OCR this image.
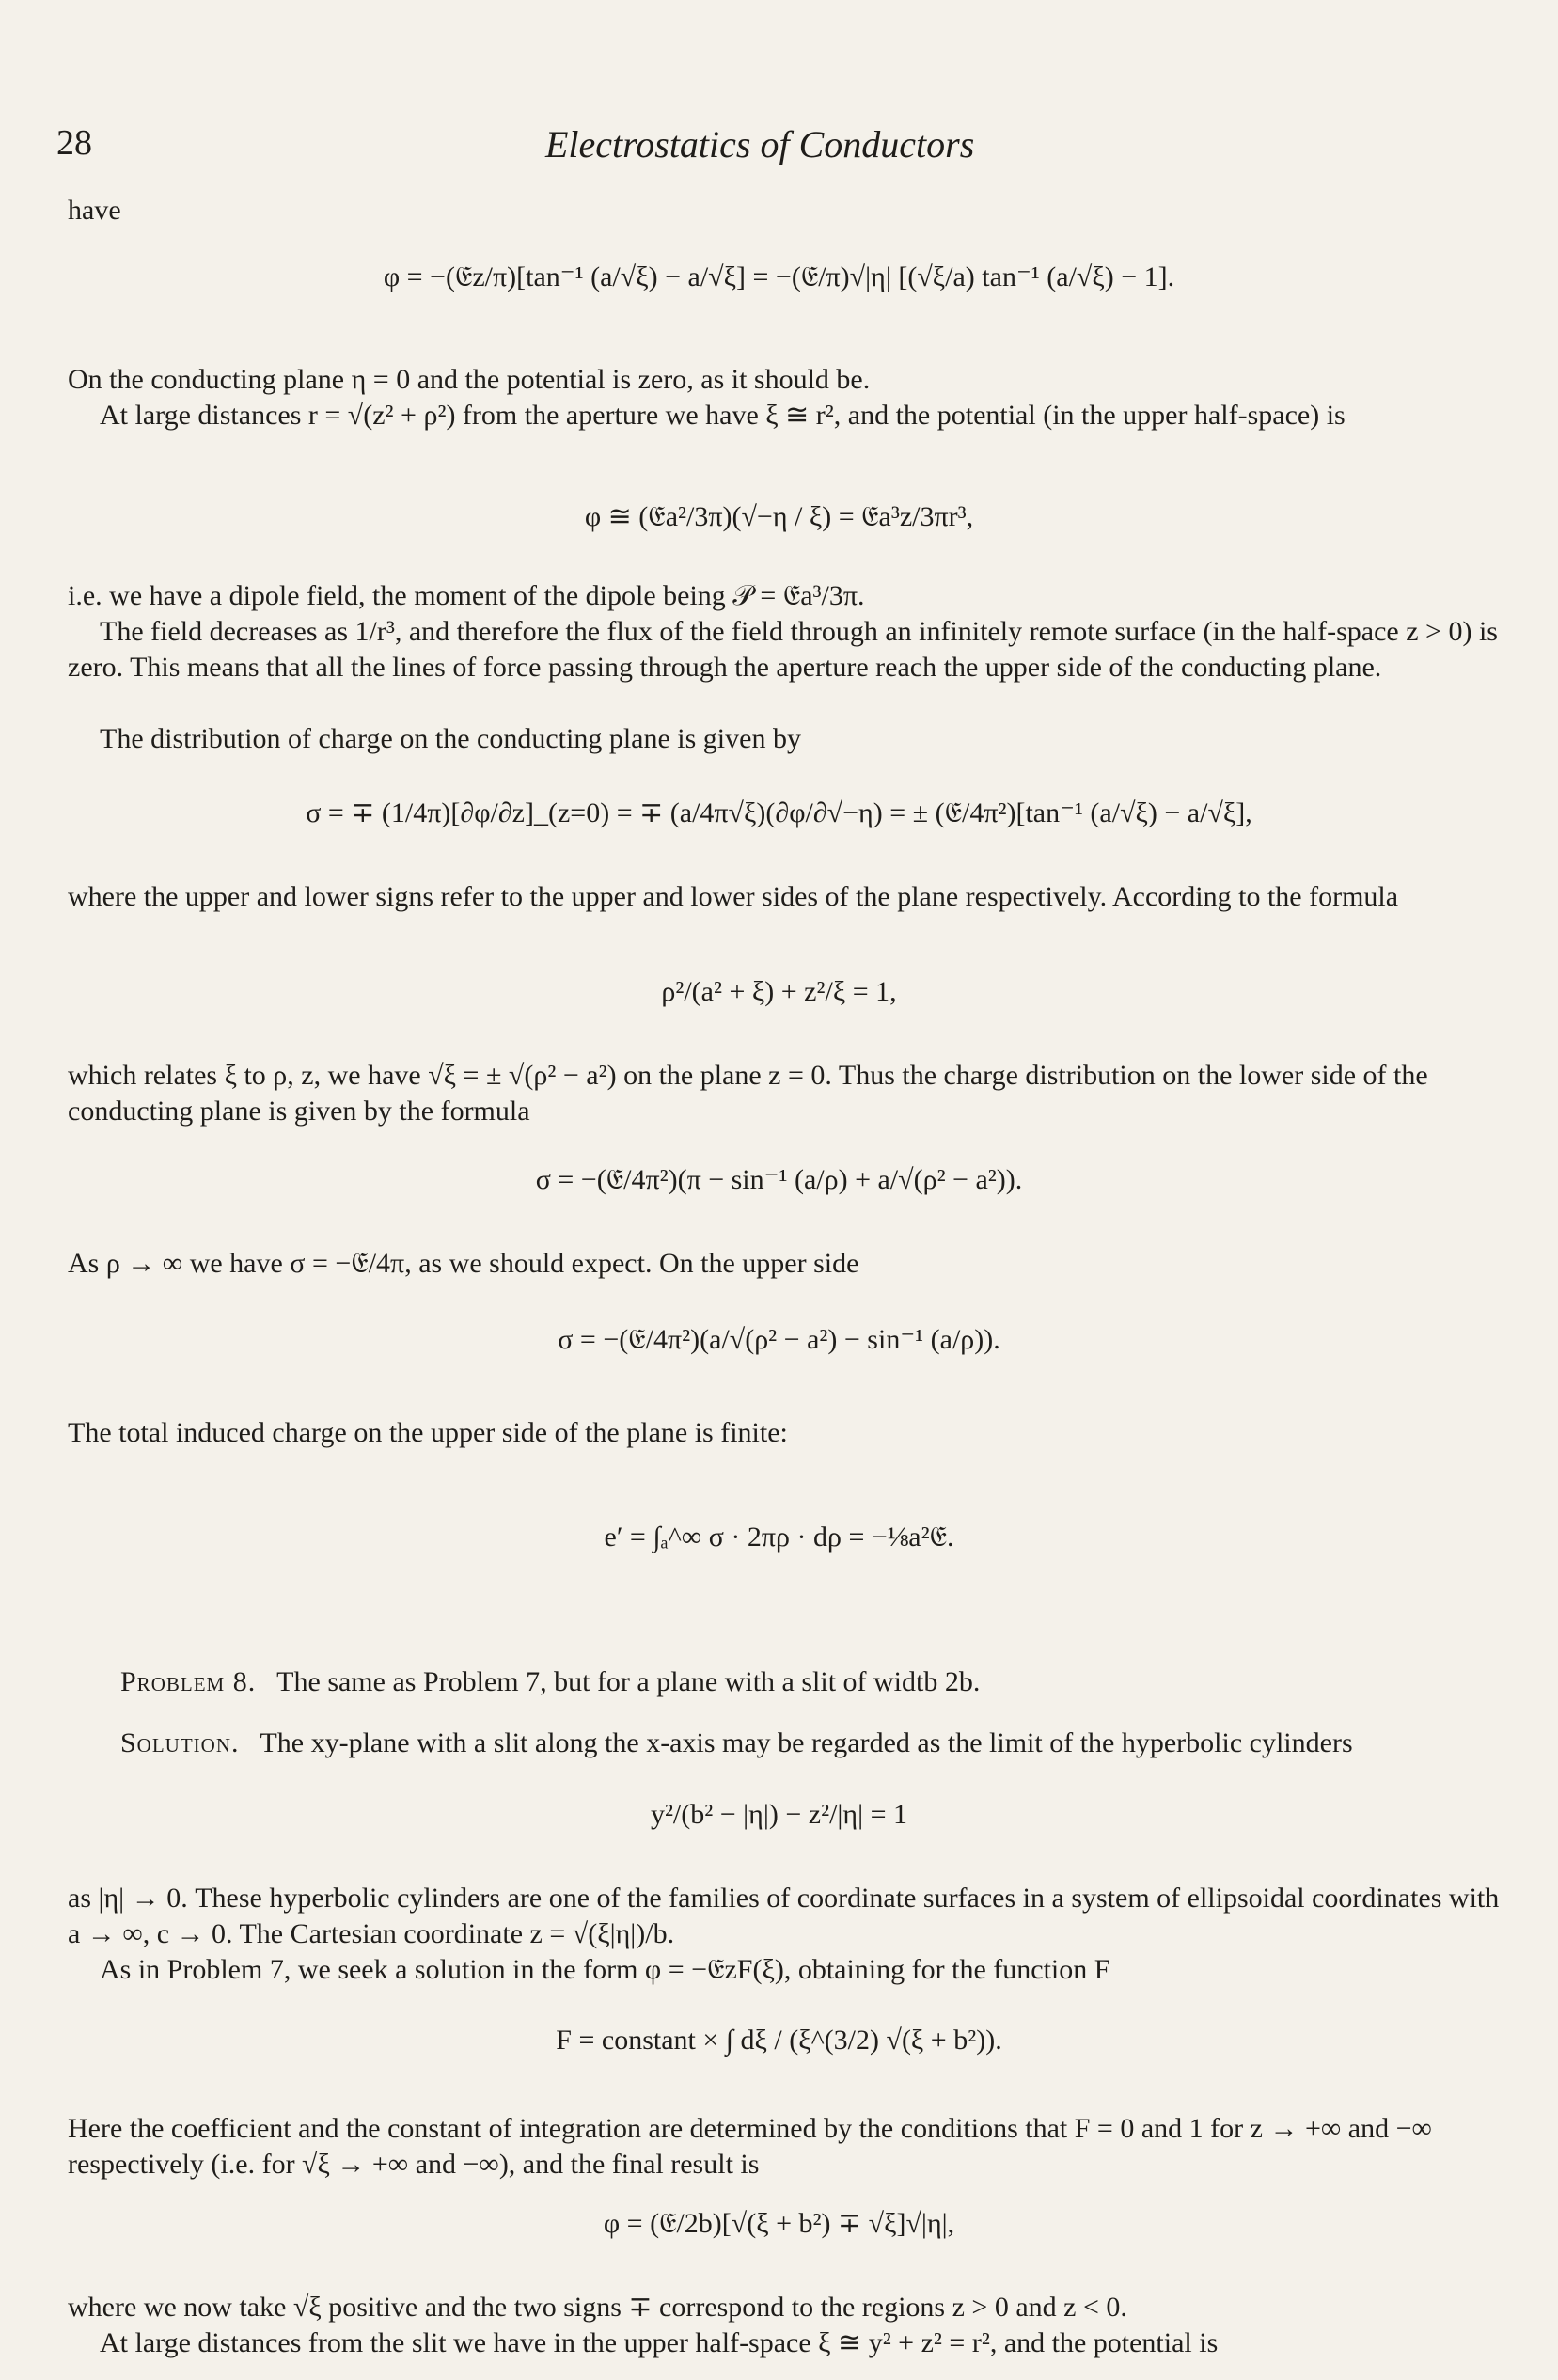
28	Electrostatics of Conductors

have

φ = −(𝔈z/π)[tan⁻¹ (a/√ξ) − a/√ξ] = −(𝔈/π)√|η| [(√ξ/a) tan⁻¹ (a/√ξ) − 1].

On the conducting plane η = 0 and the potential is zero, as it should be.

At large distances r = √(z² + ρ²) from the aperture we have ξ ≅ r², and the potential (in the upper half-space) is

φ ≅ (𝔈a²/3π)(√−η / ξ) = 𝔈a³z/3πr³,

i.e. we have a dipole field, the moment of the dipole being 𝒫 = 𝔈a³/3π.

The field decreases as 1/r³, and therefore the flux of the field through an infinitely remote surface (in the half-space z > 0) is zero. This means that all the lines of force passing through the aperture reach the upper side of the conducting plane.

The distribution of charge on the conducting plane is given by

σ = ∓ (1/4π)[∂φ/∂z]_(z=0) = ∓ (a/4π√ξ)(∂φ/∂√−η) = ± (𝔈/4π²)[tan⁻¹ (a/√ξ) − a/√ξ],

where the upper and lower signs refer to the upper and lower sides of the plane respectively. According to the formula

ρ²/(a² + ξ) + z²/ξ = 1,

which relates ξ to ρ, z, we have √ξ = ± √(ρ² − a²) on the plane z = 0. Thus the charge distribution on the lower side of the conducting plane is given by the formula

σ = −(𝔈/4π²)(π − sin⁻¹ (a/ρ) + a/√(ρ² − a²)).

As ρ → ∞ we have σ = −𝔈/4π, as we should expect. On the upper side

σ = −(𝔈/4π²)(a/√(ρ² − a²) − sin⁻¹ (a/ρ)).

The total induced charge on the upper side of the plane is finite:

e′ = ∫ₐ^∞ σ · 2πρ · dρ = −⅛a²𝔈.

Problem 8. The same as Problem 7, but for a plane with a slit of widtb 2b.

Solution. The xy-plane with a slit along the x-axis may be regarded as the limit of the hyperbolic cylinders

y²/(b² − |η|) − z²/|η| = 1

as |η| → 0. These hyperbolic cylinders are one of the families of coordinate surfaces in a system of ellipsoidal coordinates with a → ∞, c → 0. The Cartesian coordinate z = √(ξ|η|)/b.

As in Problem 7, we seek a solution in the form φ = −𝔈zF(ξ), obtaining for the function F

F = constant × ∫ dξ / (ξ^(3/2) √(ξ + b²)).

Here the coefficient and the constant of integration are determined by the conditions that F = 0 and 1 for z → +∞ and −∞ respectively (i.e. for √ξ → +∞ and −∞), and the final result is

φ = (𝔈/2b)[√(ξ + b²) ∓ √ξ]√|η|,

where we now take √ξ positive and the two signs ∓ correspond to the regions z > 0 and z < 0.

At large distances from the slit we have in the upper half-space ξ ≅ y² + z² = r², and the potential is
